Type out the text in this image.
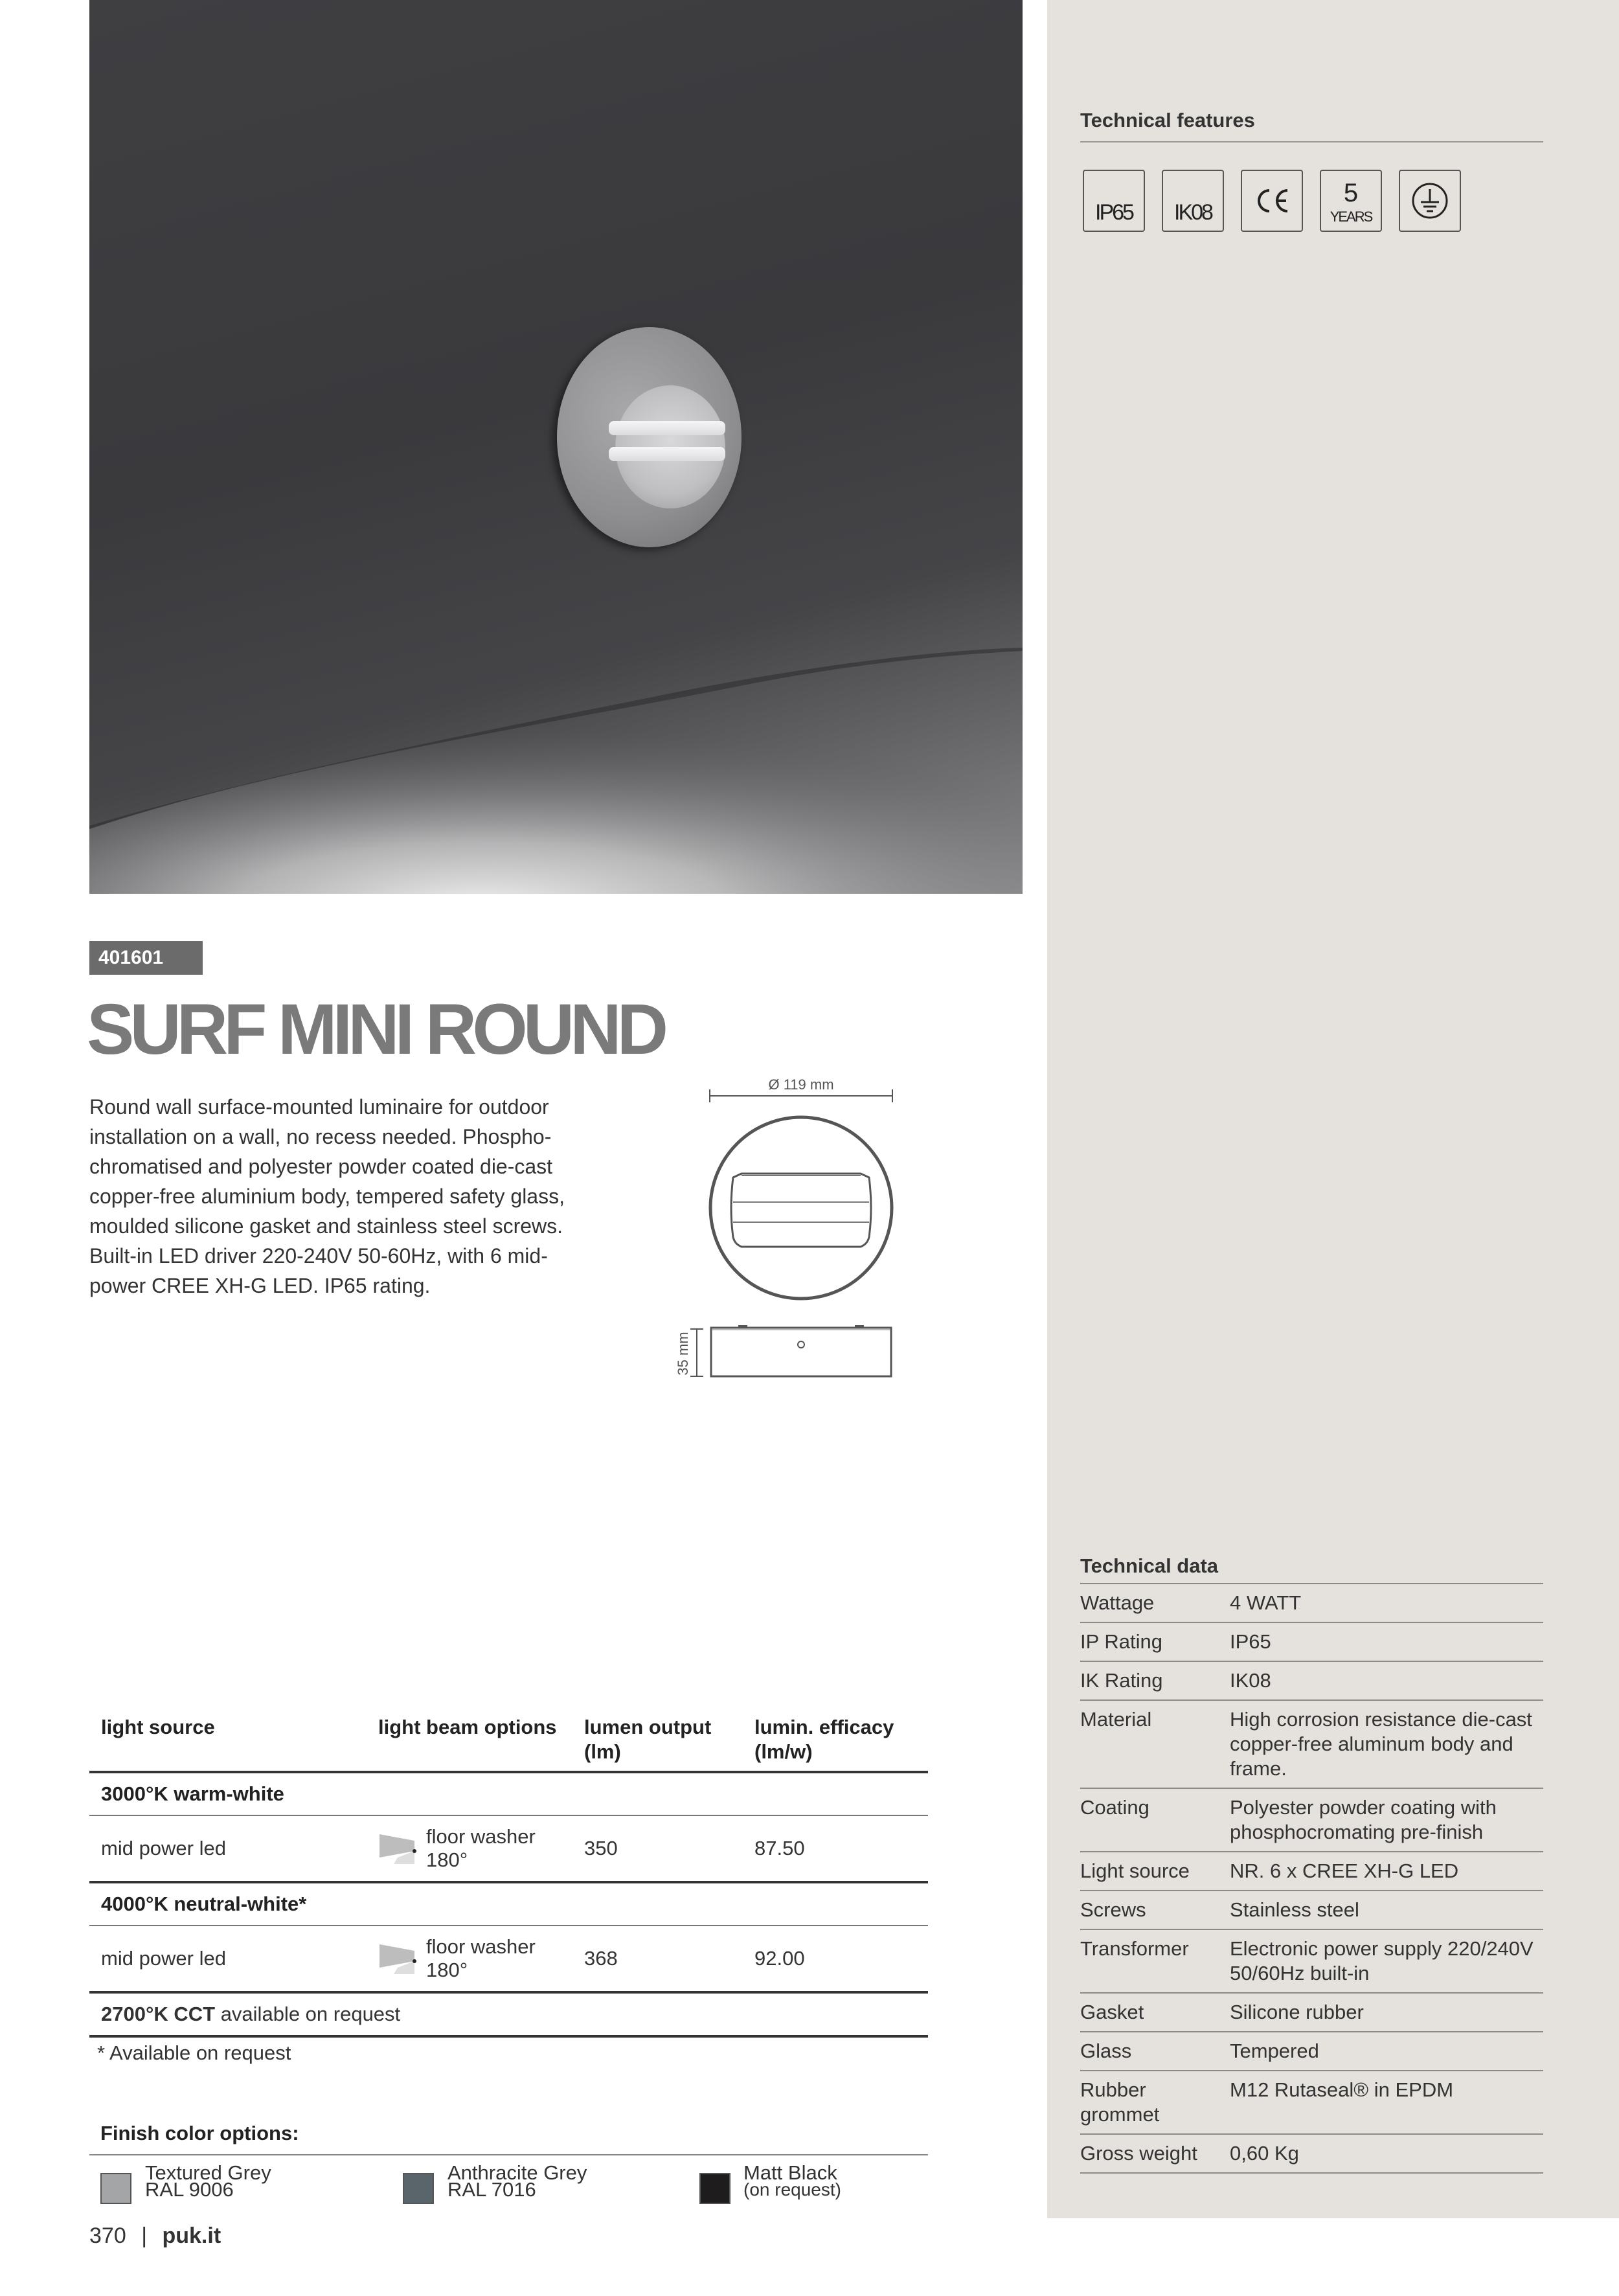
401601
SURF MINI ROUND
Round wall surface-mounted luminaire for outdoor installation on a wall, no recess needed. Phospho-chromatised and polyester powder coated die-cast copper-free aluminium body, tempered safety glass, moulded silicone gasket and stainless steel screws. Built-in LED driver 220-240V 50-60Hz, with 6 mid-power CREE XH-G LED. IP65 rating.
Ø 119 mm
35 mm
Technical features
IP65	IK08
5
YEARS
Technical data
Wattage	4 WATT
IP Rating	IP65
IK Rating	IK08
Material	High corrosion resistance die-cast copper-free aluminum body and frame.
Coating	Polyester powder coating with phosphocromating pre-finish
Light source	NR. 6 x CREE XH-G LED
Screws	Stainless steel
Transformer	Electronic power supply 220/240V 50/60Hz built-in
Gasket	Silicone rubber
Glass	Tempered
Rubber grommet	M12 Rutaseal® in EPDM
Gross weight	0,60 Kg
light source	light beam options	lumen output (lm)	lumin. efficacy (lm/w)
3000°K warm-white			
mid power led	floor washer 180°	350	87.50
4000°K neutral-white*			
mid power led	floor washer 180°	368	92.00
2700°K CCT available on request			
* Available on request
Finish color options:
Textured Grey
RAL 9006
Anthracite Grey
RAL 7016
Matt Black
(on request)
370 | puk.it
